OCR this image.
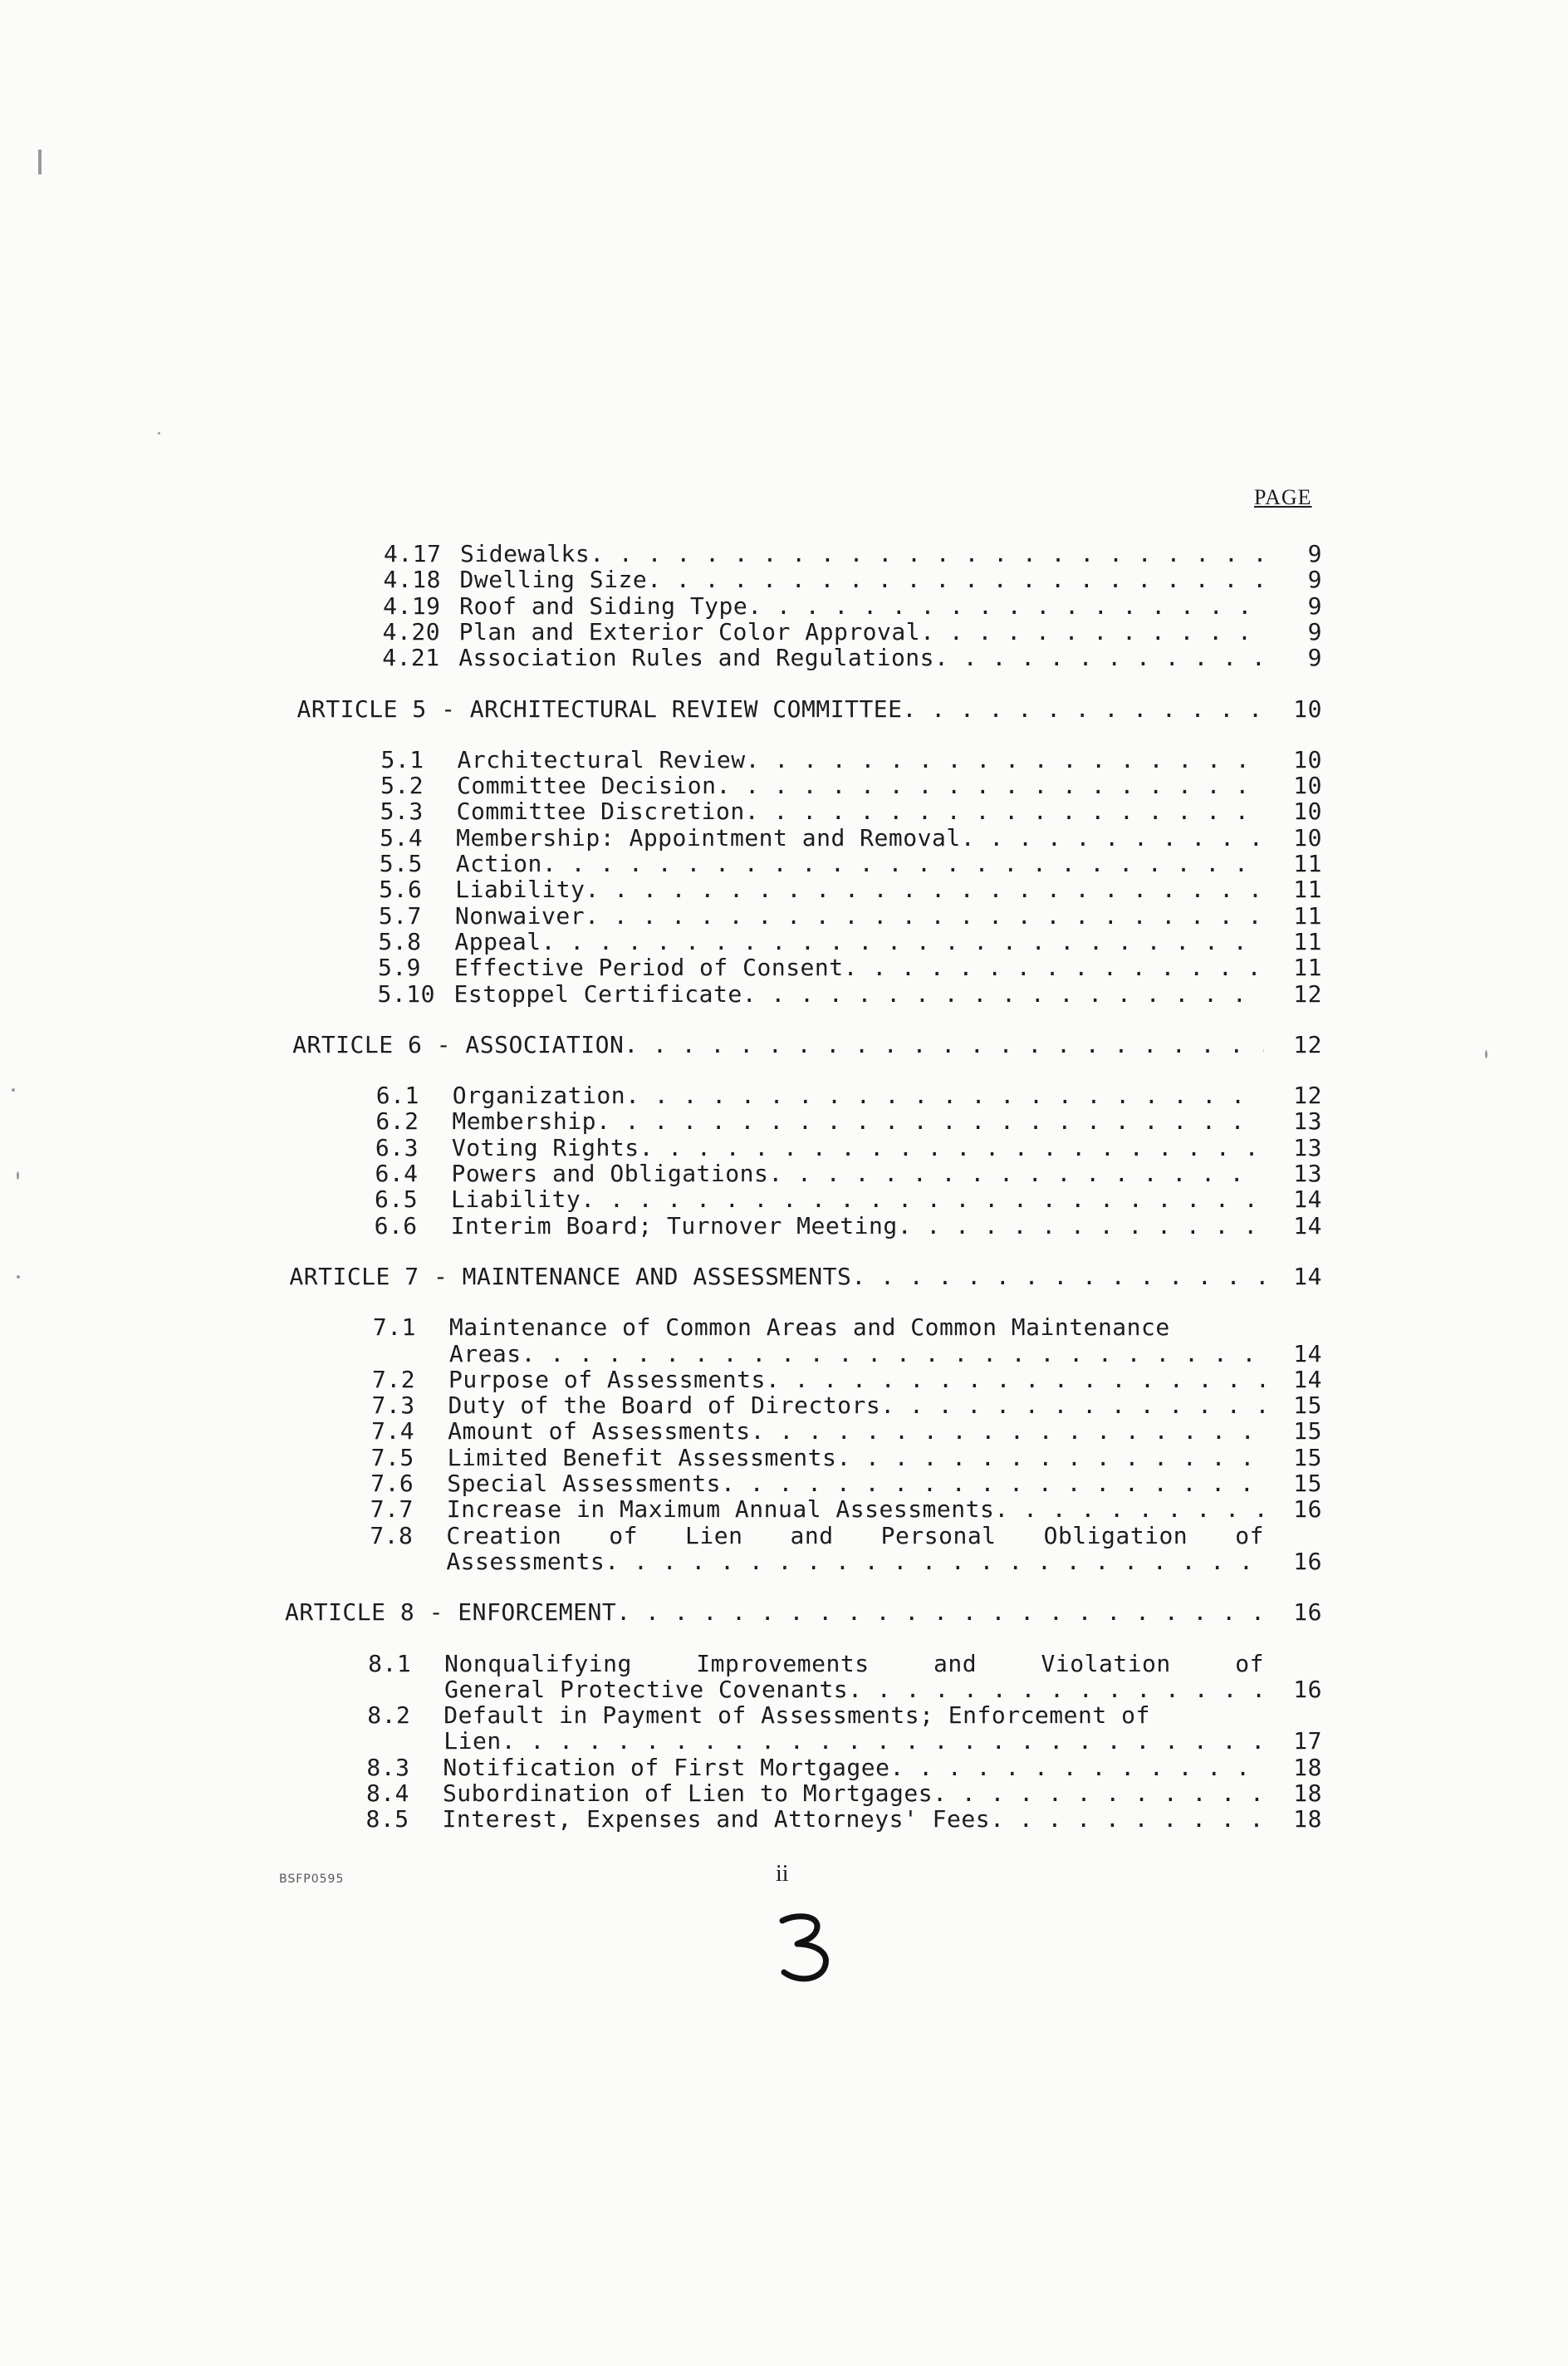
PAGE
4.17 Sidewalks . . .	9
4.18 Dwelling Size . . .	9
4.19 Roof and Siding Type . . .	9
4.20 Plan and Exterior Color Approval . . .	9
4.21 Association Rules and Regulations . . .	9
ARTICLE 5 - ARCHITECTURAL REVIEW COMMITTEE . . .	10
5.1	Architectural Review . . .	10
5.2	Committee Decision . . .	10
5.3	Committee Discretion . . .	10
5.4	Membership: Appointment and Removal . . .	10
5.5	Action . . .	11
5.6	Liability . . .	11
5.7	Nonwaiver . . .	11
5.8	Appeal . . .	11
5.9	Effective Period of Consent . . .	11
5.10 Estoppel Certificate . . .	12
ARTICLE 6 - ASSOCIATION . . .	12
6.1	Organization . . .	12
6.2	Membership . . .	13
6.3	Voting Rights . . .	13
6.4	Powers and Obligations . . .	13
6.5	Liability . . .	14
6.6	Interim Board; Turnover Meeting . . .	14
ARTICLE 7 - MAINTENANCE AND ASSESSMENTS . . .	14
7.1	Maintenance of Common Areas and Common Maintenance
Areas . . .	14
7.2	Purpose of Assessments . . .	14
7.3	Duty of the Board of Directors . . .	15
7.4	Amount of Assessments . . .	15
7.5	Limited Benefit Assessments . . .	15
7.6	Special Assessments . . .	15
7.7	Increase in Maximum Annual Assessments . . .	16
7.8	Creation of Lien and Personal Obligation of
Assessments . . .	16
ARTICLE 8 - ENFORCEMENT . . .	16
8.1	Nonqualifying	Improvements	and	Violation	of
General Protective Covenants . . .	16
8.2	Default in Payment of Assessments; Enforcement of
Lien . . .	17
8.3	Notification of First Mortgagee . . .	18
8.4	Subordination of Lien to Mortgages . . .	18
8.5	Interest, Expenses and Attorneys' Fees . . .	18
BSFP0595	ii
